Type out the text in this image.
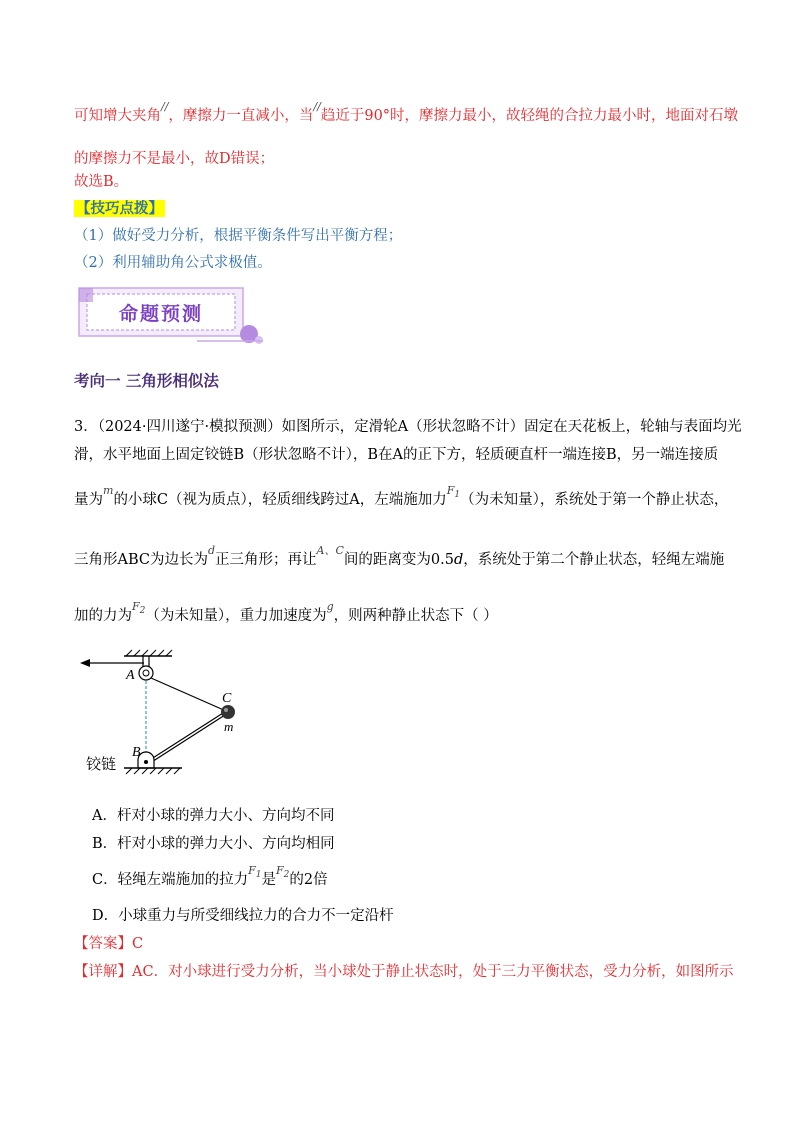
可知增大夹角//，摩擦力一直减小，当//趋近于90°时，摩擦力最小，故轻绳的合拉力最小时，地面对石墩
的摩擦力不是最小，故D错误；
故选B。
【技巧点拨】
（1）做好受力分析，根据平衡条件写出平衡方程；
（2）利用辅助角公式求极值。
命题预测
考向一 三角形相似法
3．（2024·四川遂宁·模拟预测）如图所示，定滑轮A（形状忽略不计）固定在天花板上，轮轴与表面均光
滑，水平地面上固定铰链B（形状忽略不计），B在A的正下方，轻质硬直杆一端连接B，另一端连接质
量为$^m$的小球C（视为质点），轻质细线跨过A，左端施加力$^{F_1}$（为未知量），系统处于第一个静止状态，
三角形ABC为边长为$^d$正三角形；再让$^{A、C}$间的距离变为0.5d，系统处于第二个静止状态，轻绳左端施
加的力为$^{F_2}$（为未知量），重力加速度为$^g$，则两种静止状态下（ ）
A
C
m
B
铰链
A．杆对小球的弹力大小、方向均不同
B．杆对小球的弹力大小、方向均相同
C．轻绳左端施加的拉力$^{F_1}$是$^{F_2}$的2倍
D．小球重力与所受细线拉力的合力不一定沿杆
【答案】C
【详解】AC．对小球进行受力分析，当小球处于静止状态时，处于三力平衡状态，受力分析，如图所示
